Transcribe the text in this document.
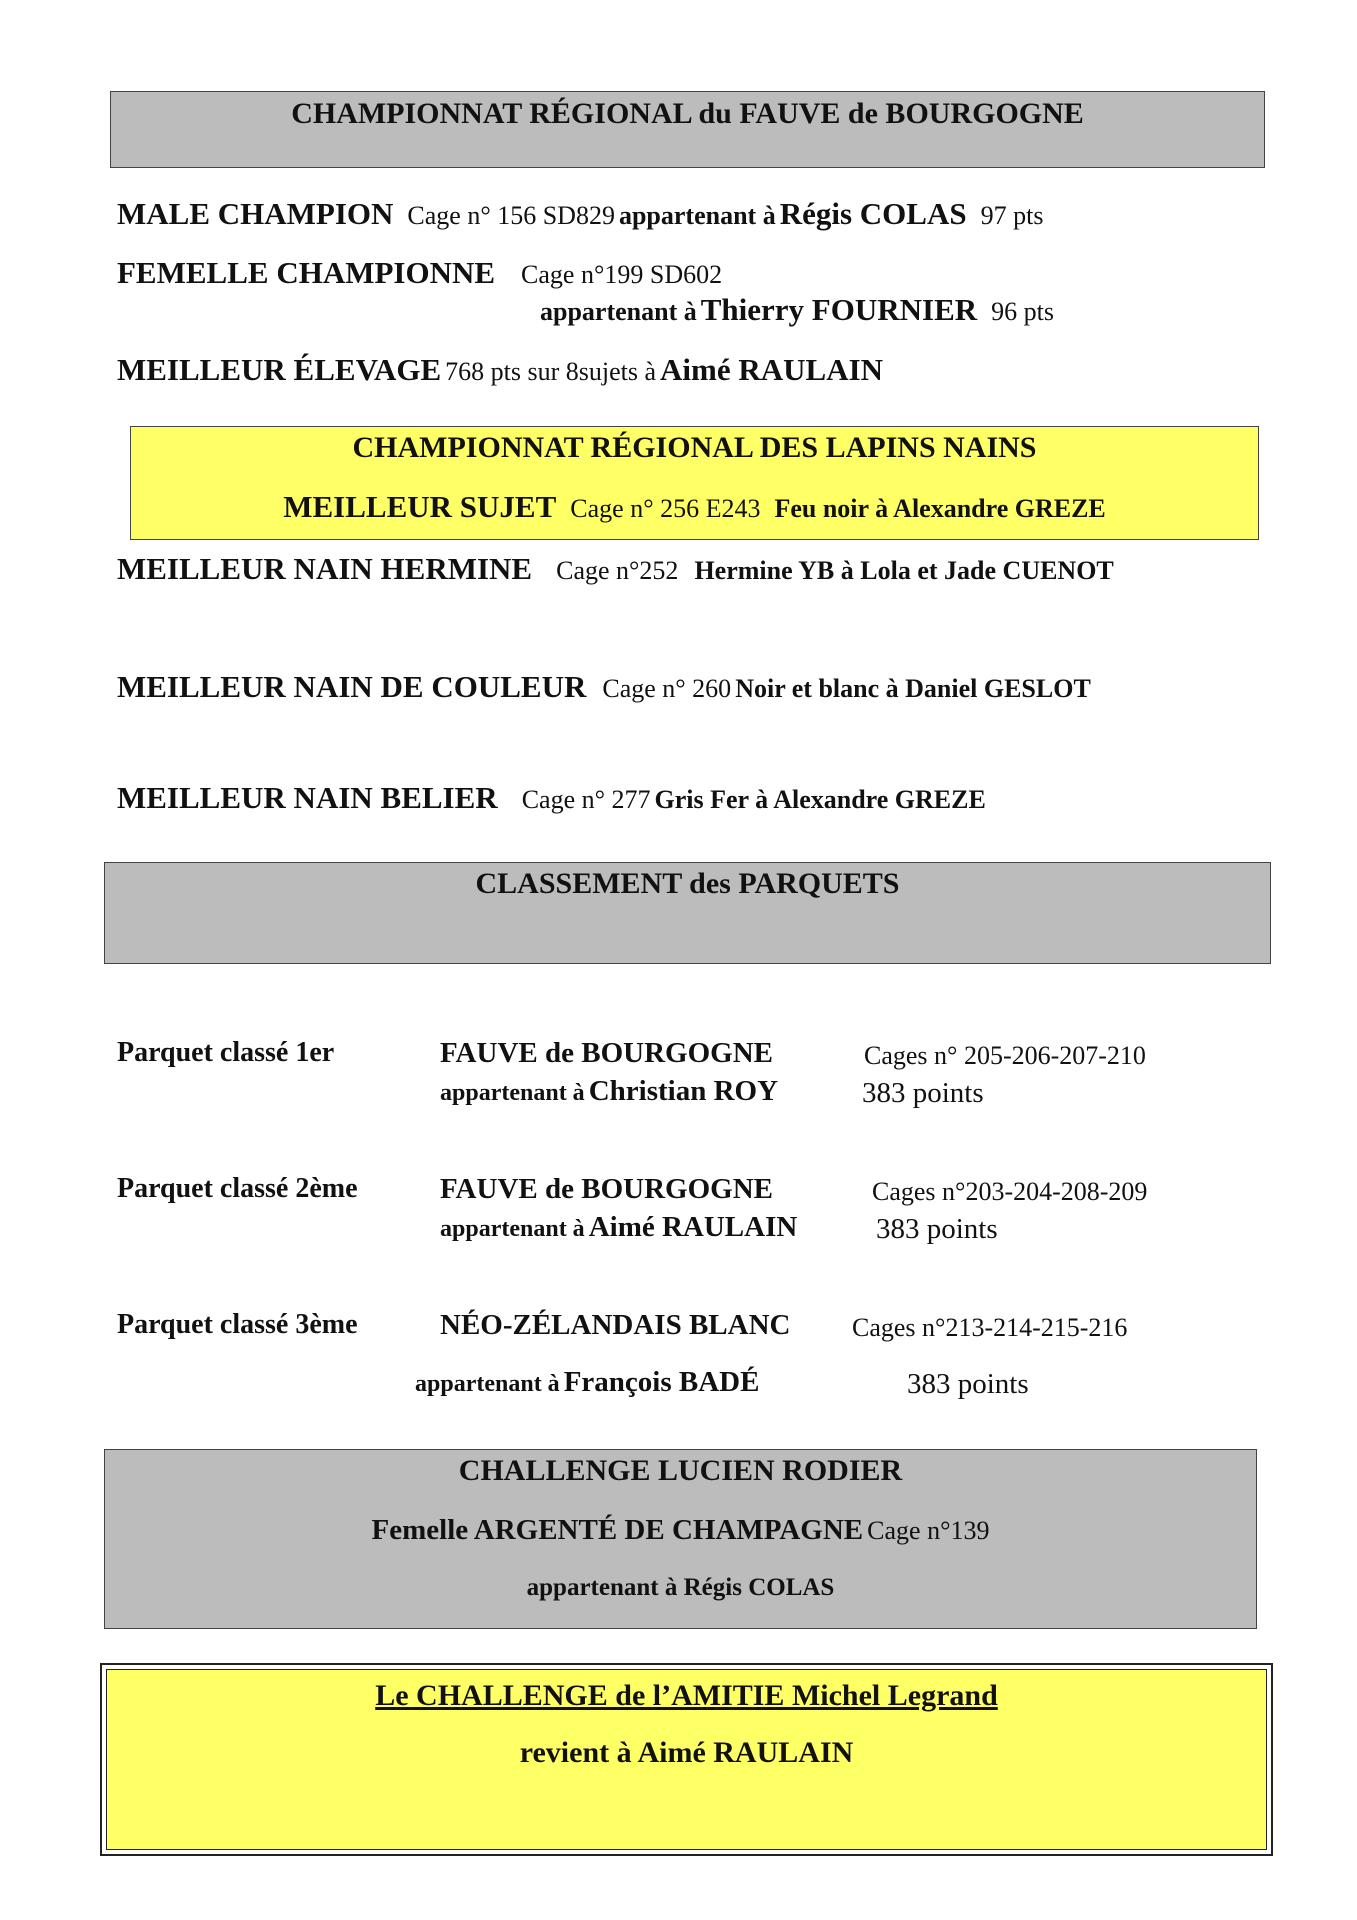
CHAMPIONNAT RÉGIONAL du FAUVE de BOURGOGNE
MALE CHAMPION Cage n° 156 SD829 appartenant à Régis COLAS 97 pts
FEMELLE CHAMPIONNE Cage n°199 SD602
appartenant à Thierry FOURNIER 96 pts
MEILLEUR ÉLEVAGE 768 pts sur 8sujets à Aimé RAULAIN
CHAMPIONNAT RÉGIONAL DES LAPINS NAINS
MEILLEUR SUJET Cage n° 256 E243 Feu noir à Alexandre GREZE
MEILLEUR NAIN HERMINE Cage n°252 Hermine YB à Lola et Jade CUENOT
MEILLEUR NAIN DE COULEUR Cage n° 260 Noir et blanc à Daniel GESLOT
MEILLEUR NAIN BELIER Cage n° 277 Gris Fer à Alexandre GREZE
CLASSEMENT des PARQUETS
Parquet classé 1er	FAUVE de BOURGOGNE	Cages n° 205-206-207-210
appartenant à Christian ROY	383 points
Parquet classé 2ème	FAUVE de BOURGOGNE	Cages n°203-204-208-209
appartenant à Aimé RAULAIN	383 points
Parquet classé 3ème	NÉO-ZÉLANDAIS BLANC Cages n°213-214-215-216
appartenant à François BADÉ	383 points
CHALLENGE LUCIEN RODIER
Femelle ARGENTÉ DE CHAMPAGNE Cage n°139
appartenant à Régis COLAS
Le CHALLENGE de l’AMITIE Michel Legrand
revient à Aimé RAULAIN
